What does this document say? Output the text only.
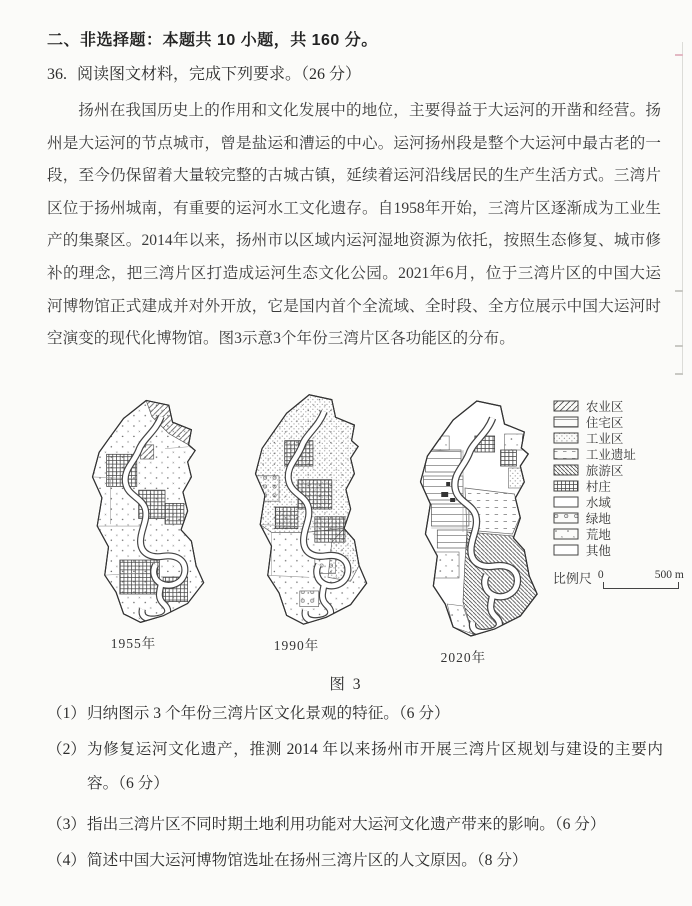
二、非选择题：本题共 10 小题，共 160 分。
36. 阅读图文材料，完成下列要求。（26 分）
扬州在我国历史上的作用和文化发展中的地位，主要得益于大运河的开凿和经营。扬州是大运河的节点城市，曾是盐运和漕运的中心。运河扬州段是整个大运河中最古老的一段，至今仍保留着大量较完整的古城古镇，延续着运河沿线居民的生产生活方式。三湾片区位于扬州城南，有重要的运河水工文化遗存。自1958年开始，三湾片区逐渐成为工业生产的集聚区。2014年以来，扬州市以区域内运河湿地资源为依托，按照生态修复、城市修补的理念，把三湾片区打造成运河生态文化公园。2021年6月，位于三湾片区的中国大运河博物馆正式建成并对外开放，它是国内首个全流域、全时段、全方位展示中国大运河时空演变的现代化博物馆。图3示意3个年份三湾片区各功能区的分布。
1955年	1990年
2020年
农业区
住宅区
工业区
工业遗址
旅游区
村庄
水域
绿地
荒地
其他
比例尺 0	500 m
图 3
（1） 归纳图示 3 个年份三湾片区文化景观的特征。（6 分）
（2） 为修复运河文化遗产，推测 2014 年以来扬州市开展三湾片区规划与建设的主要内容。（6 分）
（3） 指出三湾片区不同时期土地利用功能对大运河文化遗产带来的影响。（6 分）
（4） 简述中国大运河博物馆选址在扬州三湾片区的人文原因。（8 分）
